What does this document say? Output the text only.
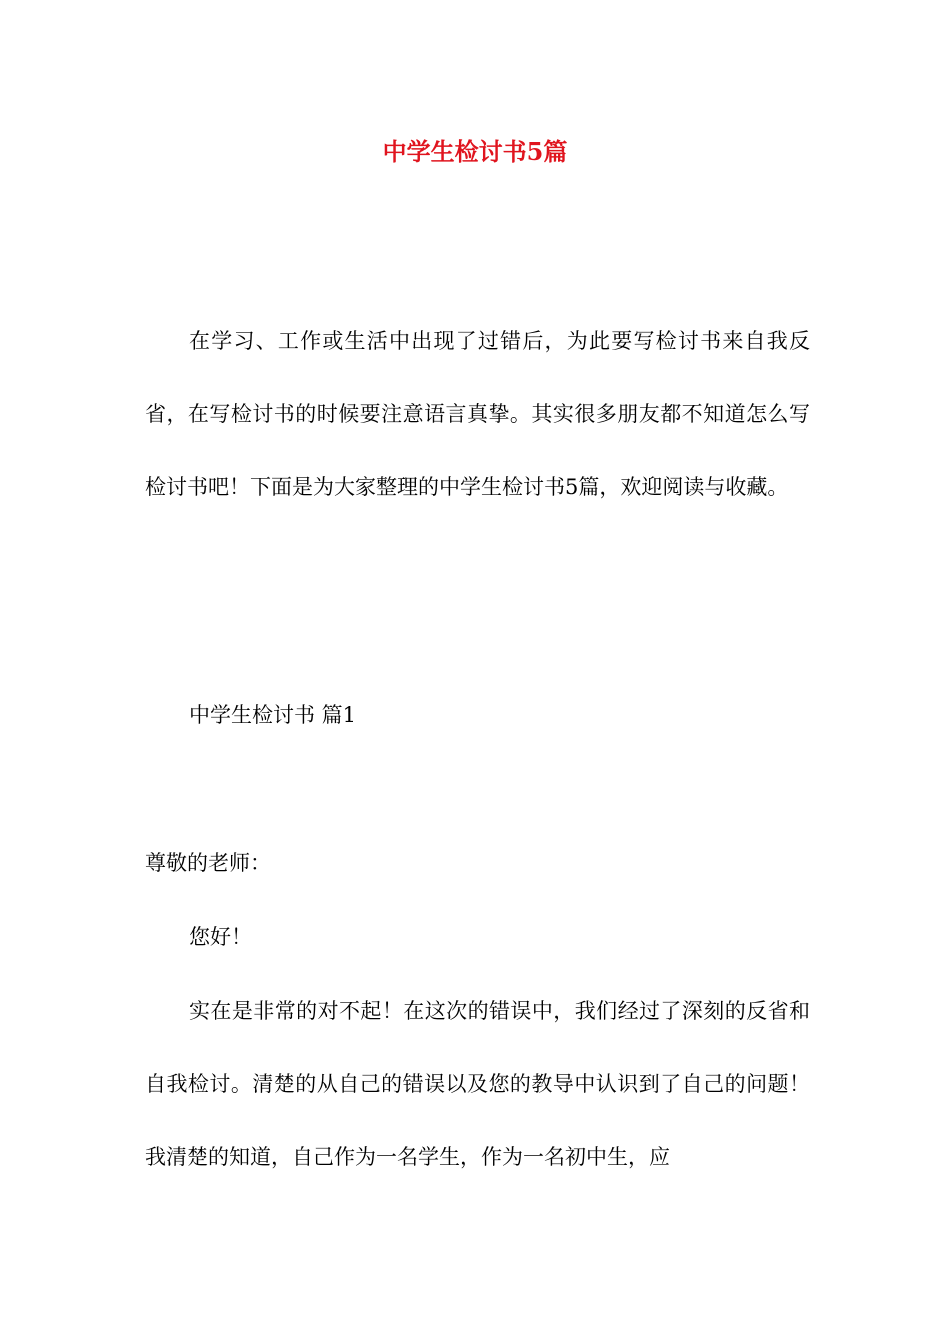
中学生检讨书5篇

在学习、工作或生活中出现了过错后，为此要写检讨书来自我反省，在写检讨书的时候要注意语言真挚。其实很多朋友都不知道怎么写检讨书吧！下面是为大家整理的中学生检讨书5篇，欢迎阅读与收藏。

中学生检讨书 篇1

尊敬的老师：

您好！

实在是非常的对不起！在这次的错误中，我们经过了深刻的反省和自我检讨。清楚的从自己的错误以及您的教导中认识到了自己的问题！我清楚的知道，自己作为一名学生，作为一名初中生，应
